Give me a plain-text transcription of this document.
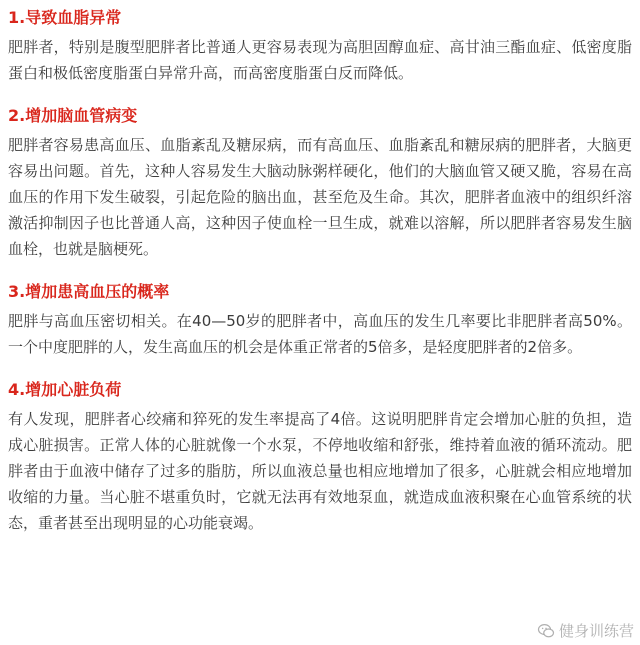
1.导致血脂异常

肥胖者，特别是腹型肥胖者比普通人更容易表现为高胆固醇血症、高甘油三酯血症、低密度脂蛋白和极低密度脂蛋白异常升高，而高密度脂蛋白反而降低。

2.增加脑血管病变

肥胖者容易患高血压、血脂紊乱及糖尿病，而有高血压、血脂紊乱和糖尿病的肥胖者，大脑更容易出问题。首先，这种人容易发生大脑动脉粥样硬化，他们的大脑血管又硬又脆，容易在高血压的作用下发生破裂，引起危险的脑出血，甚至危及生命。其次，肥胖者血液中的组织纤溶激活抑制因子也比普通人高，这种因子使血栓一旦生成，就难以溶解，所以肥胖者容易发生脑血栓，也就是脑梗死。

3.增加患高血压的概率

肥胖与高血压密切相关。在40—50岁的肥胖者中，高血压的发生几率要比非肥胖者高50%。一个中度肥胖的人，发生高血压的机会是体重正常者的5倍多，是轻度肥胖者的2倍多。

4.增加心脏负荷

有人发现，肥胖者心绞痛和猝死的发生率提高了4倍。这说明肥胖肯定会增加心脏的负担，造成心脏损害。正常人体的心脏就像一个水泵，不停地收缩和舒张，维持着血液的循环流动。肥胖者由于血液中储存了过多的脂肪，所以血液总量也相应地增加了很多，心脏就会相应地增加收缩的力量。当心脏不堪重负时，它就无法再有效地泵血，就造成血液积聚在心血管系统的状态，重者甚至出现明显的心功能衰竭。

健身训练营
